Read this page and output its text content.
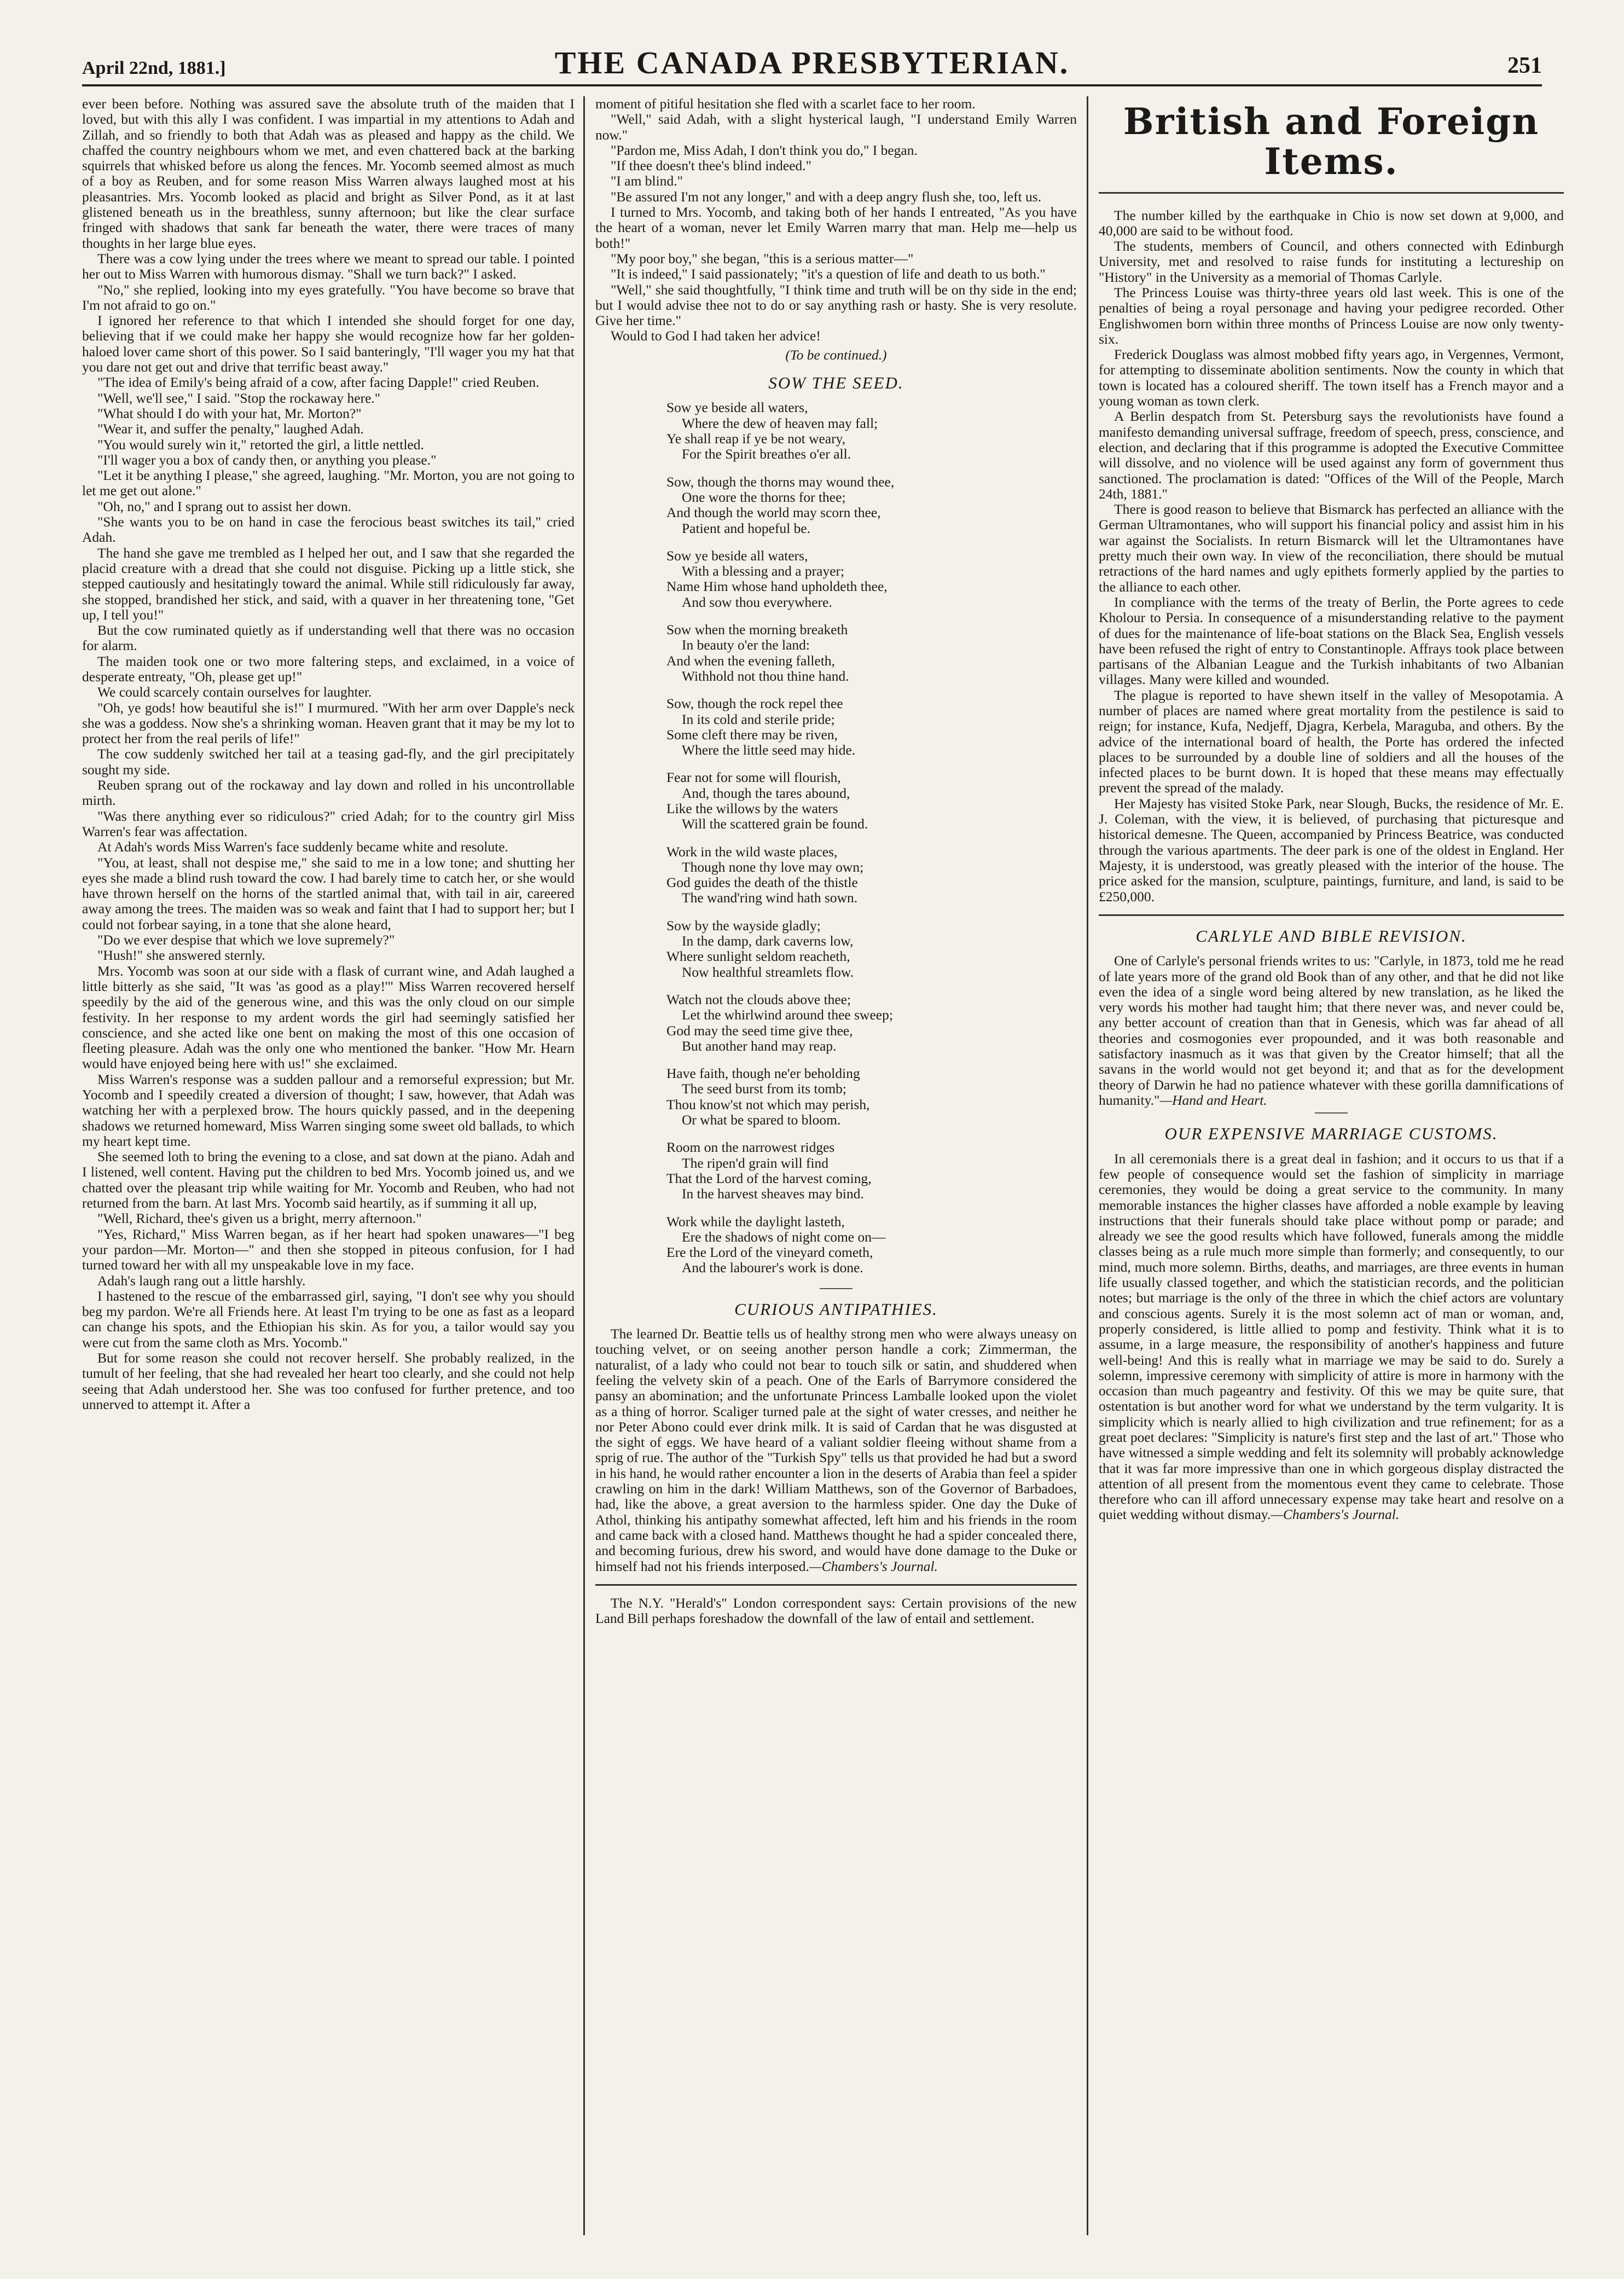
April 22nd, 1881.]	THE CANADA PRESBYTERIAN.	251

ever been before. Nothing was assured save the absolute truth of the maiden that I loved, but with this ally I was confident. I was impartial in my attentions to Adah and Zillah, and so friendly to both that Adah was as pleased and happy as the child. We chaffed the country neighbours whom we met, and even chattered back at the barking squirrels that whisked before us along the fences. Mr. Yocomb seemed almost as much of a boy as Reuben, and for some reason Miss Warren always laughed most at his pleasantries. Mrs. Yocomb looked as placid and bright as Silver Pond, as it at last glistened beneath us in the breathless, sunny afternoon; but like the clear surface fringed with shadows that sank far beneath the water, there were traces of many thoughts in her large blue eyes.

There was a cow lying under the trees where we meant to spread our table. I pointed her out to Miss Warren with humorous dismay. "Shall we turn back?" I asked.

"No," she replied, looking into my eyes gratefully. "You have become so brave that I'm not afraid to go on."

I ignored her reference to that which I intended she should forget for one day, believing that if we could make her happy she would recognize how far her golden-haloed lover came short of this power. So I said banteringly, "I'll wager you my hat that you dare not get out and drive that terrific beast away."

"The idea of Emily's being afraid of a cow, after facing Dapple!" cried Reuben.

"Well, we'll see," I said. "Stop the rockaway here."

"What should I do with your hat, Mr. Morton?"

"Wear it, and suffer the penalty," laughed Adah.

"You would surely win it," retorted the girl, a little nettled.

"I'll wager you a box of candy then, or anything you please."

"Let it be anything I please," she agreed, laughing. "Mr. Morton, you are not going to let me get out alone."

"Oh, no," and I sprang out to assist her down.

"She wants you to be on hand in case the ferocious beast switches its tail," cried Adah.

The hand she gave me trembled as I helped her out, and I saw that she regarded the placid creature with a dread that she could not disguise. Picking up a little stick, she stepped cautiously and hesitatingly toward the animal. While still ridiculously far away, she stopped, brandished her stick, and said, with a quaver in her threatening tone, "Get up, I tell you!"

But the cow ruminated quietly as if understanding well that there was no occasion for alarm.

The maiden took one or two more faltering steps, and exclaimed, in a voice of desperate entreaty, "Oh, please get up!"

We could scarcely contain ourselves for laughter.

"Oh, ye gods! how beautiful she is!" I murmured. "With her arm over Dapple's neck she was a goddess. Now she's a shrinking woman. Heaven grant that it may be my lot to protect her from the real perils of life!"

The cow suddenly switched her tail at a teasing gad-fly, and the girl precipitately sought my side.

Reuben sprang out of the rockaway and lay down and rolled in his uncontrollable mirth.

"Was there anything ever so ridiculous?" cried Adah; for to the country girl Miss Warren's fear was affectation.

At Adah's words Miss Warren's face suddenly became white and resolute.

"You, at least, shall not despise me," she said to me in a low tone; and shutting her eyes she made a blind rush toward the cow. I had barely time to catch her, or she would have thrown herself on the horns of the startled animal that, with tail in air, careered away among the trees. The maiden was so weak and faint that I had to support her; but I could not forbear saying, in a tone that she alone heard,

"Do we ever despise that which we love supremely?"

"Hush!" she answered sternly.

Mrs. Yocomb was soon at our side with a flask of currant wine, and Adah laughed a little bitterly as she said, "It was 'as good as a play!'" Miss Warren recovered herself speedily by the aid of the generous wine, and this was the only cloud on our simple festivity. In her response to my ardent words the girl had seemingly satisfied her conscience, and she acted like one bent on making the most of this one occasion of fleeting pleasure. Adah was the only one who mentioned the banker. "How Mr. Hearn would have enjoyed being here with us!" she exclaimed.

Miss Warren's response was a sudden pallour and a remorseful expression; but Mr. Yocomb and I speedily created a diversion of thought; I saw, however, that Adah was watching her with a perplexed brow. The hours quickly passed, and in the deepening shadows we returned homeward, Miss Warren singing some sweet old ballads, to which my heart kept time.

She seemed loth to bring the evening to a close, and sat down at the piano. Adah and I listened, well content. Having put the children to bed Mrs. Yocomb joined us, and we chatted over the pleasant trip while waiting for Mr. Yocomb and Reuben, who had not returned from the barn. At last Mrs. Yocomb said heartily, as if summing it all up,

"Well, Richard, thee's given us a bright, merry afternoon."

"Yes, Richard," Miss Warren began, as if her heart had spoken unawares—"I beg your pardon—Mr. Morton—" and then she stopped in piteous confusion, for I had turned toward her with all my unspeakable love in my face.

Adah's laugh rang out a little harshly.

I hastened to the rescue of the embarrassed girl, saying, "I don't see why you should beg my pardon. We're all Friends here. At least I'm trying to be one as fast as a leopard can change his spots, and the Ethiopian his skin. As for you, a tailor would say you were cut from the same cloth as Mrs. Yocomb."

But for some reason she could not recover herself. She probably realized, in the tumult of her feeling, that she had revealed her heart too clearly, and she could not help seeing that Adah understood her. She was too confused for further pretence, and too unnerved to attempt it. After a

moment of pitiful hesitation she fled with a scarlet face to her room.

"Well," said Adah, with a slight hysterical laugh, "I understand Emily Warren now."

"Pardon me, Miss Adah, I don't think you do," I began.

"If thee doesn't thee's blind indeed."

"I am blind."

"Be assured I'm not any longer," and with a deep angry flush she, too, left us.

I turned to Mrs. Yocomb, and taking both of her hands I entreated, "As you have the heart of a woman, never let Emily Warren marry that man. Help me—help us both!"

"My poor boy," she began, "this is a serious matter—"

"It is indeed," I said passionately; "it's a question of life and death to us both."

"Well," she said thoughtfully, "I think time and truth will be on thy side in the end; but I would advise thee not to do or say anything rash or hasty. She is very resolute. Give her time."

Would to God I had taken her advice!

(To be continued.)
SOW THE SEED.
Sow ye beside all waters,
Where the dew of heaven may fall;
Ye shall reap if ye be not weary,
For the Spirit breathes o'er all.
Sow, though the thorns may wound thee,
One wore the thorns for thee;
And though the world may scorn thee,
Patient and hopeful be.
Sow ye beside all waters,
With a blessing and a prayer;
Name Him whose hand upholdeth thee,
And sow thou everywhere.
Sow when the morning breaketh
In beauty o'er the land:
And when the evening falleth,
Withhold not thou thine hand.
Sow, though the rock repel thee
In its cold and sterile pride;
Some cleft there may be riven,
Where the little seed may hide.
Fear not for some will flourish,
And, though the tares abound,
Like the willows by the waters
Will the scattered grain be found.
Work in the wild waste places,
Though none thy love may own;
God guides the death of the thistle
The wand'ring wind hath sown.
Sow by the wayside gladly;
In the damp, dark caverns low,
Where sunlight seldom reacheth,
Now healthful streamlets flow.
Watch not the clouds above thee;
Let the whirlwind around thee sweep;
God may the seed time give thee,
But another hand may reap.
Have faith, though ne'er beholding
The seed burst from its tomb;
Thou know'st not which may perish,
Or what be spared to bloom.
Room on the narrowest ridges
The ripen'd grain will find
That the Lord of the harvest coming,
In the harvest sheaves may bind.
Work while the daylight lasteth,
Ere the shadows of night come on—
Ere the Lord of the vineyard cometh,
And the labourer's work is done.
CURIOUS ANTIPATHIES.

The learned Dr. Beattie tells us of healthy strong men who were always uneasy on touching velvet, or on seeing another person handle a cork; Zimmerman, the naturalist, of a lady who could not bear to touch silk or satin, and shuddered when feeling the velvety skin of a peach. One of the Earls of Barrymore considered the pansy an abomination; and the unfortunate Princess Lamballe looked upon the violet as a thing of horror. Scaliger turned pale at the sight of water cresses, and neither he nor Peter Abono could ever drink milk. It is said of Cardan that he was disgusted at the sight of eggs. We have heard of a valiant soldier fleeing without shame from a sprig of rue. The author of the "Turkish Spy" tells us that provided he had but a sword in his hand, he would rather encounter a lion in the deserts of Arabia than feel a spider crawling on him in the dark! William Matthews, son of the Governor of Barbadoes, had, like the above, a great aversion to the harmless spider. One day the Duke of Athol, thinking his antipathy somewhat affected, left him and his friends in the room and came back with a closed hand. Matthews thought he had a spider concealed there, and becoming furious, drew his sword, and would have done damage to the Duke or himself had not his friends interposed.—Chambers's Journal.

The N.Y. "Herald's" London correspondent says: Certain provisions of the new Land Bill perhaps foreshadow the downfall of the law of entail and settlement.

British and Foreign Items.

The number killed by the earthquake in Chio is now set down at 9,000, and 40,000 are said to be without food.

The students, members of Council, and others connected with Edinburgh University, met and resolved to raise funds for instituting a lectureship on "History" in the University as a memorial of Thomas Carlyle.

The Princess Louise was thirty-three years old last week. This is one of the penalties of being a royal personage and having your pedigree recorded. Other Englishwomen born within three months of Princess Louise are now only twenty-six.

Frederick Douglass was almost mobbed fifty years ago, in Vergennes, Vermont, for attempting to disseminate abolition sentiments. Now the county in which that town is located has a coloured sheriff. The town itself has a French mayor and a young woman as town clerk.

A Berlin despatch from St. Petersburg says the revolutionists have found a manifesto demanding universal suffrage, freedom of speech, press, conscience, and election, and declaring that if this programme is adopted the Executive Committee will dissolve, and no violence will be used against any form of government thus sanctioned. The proclamation is dated: "Offices of the Will of the People, March 24th, 1881."

There is good reason to believe that Bismarck has perfected an alliance with the German Ultramontanes, who will support his financial policy and assist him in his war against the Socialists. In return Bismarck will let the Ultramontanes have pretty much their own way. In view of the reconciliation, there should be mutual retractions of the hard names and ugly epithets formerly applied by the parties to the alliance to each other.

In compliance with the terms of the treaty of Berlin, the Porte agrees to cede Kholour to Persia. In consequence of a misunderstanding relative to the payment of dues for the maintenance of life-boat stations on the Black Sea, English vessels have been refused the right of entry to Constantinople. Affrays took place between partisans of the Albanian League and the Turkish inhabitants of two Albanian villages. Many were killed and wounded.

The plague is reported to have shewn itself in the valley of Mesopotamia. A number of places are named where great mortality from the pestilence is said to reign; for instance, Kufa, Nedjeff, Djagra, Kerbela, Maraguba, and others. By the advice of the international board of health, the Porte has ordered the infected places to be surrounded by a double line of soldiers and all the houses of the infected places to be burnt down. It is hoped that these means may effectually prevent the spread of the malady.

Her Majesty has visited Stoke Park, near Slough, Bucks, the residence of Mr. E. J. Coleman, with the view, it is believed, of purchasing that picturesque and historical demesne. The Queen, accompanied by Princess Beatrice, was conducted through the various apartments. The deer park is one of the oldest in England. Her Majesty, it is understood, was greatly pleased with the interior of the house. The price asked for the mansion, sculpture, paintings, furniture, and land, is said to be £250,000.

CARLYLE AND BIBLE REVISION.

One of Carlyle's personal friends writes to us: "Carlyle, in 1873, told me he read of late years more of the grand old Book than of any other, and that he did not like even the idea of a single word being altered by new translation, as he liked the very words his mother had taught him; that there never was, and never could be, any better account of creation than that in Genesis, which was far ahead of all theories and cosmogonies ever propounded, and it was both reasonable and satisfactory inasmuch as it was that given by the Creator himself; that all the savans in the world would not get beyond it; and that as for the development theory of Darwin he had no patience whatever with these gorilla damnifications of humanity."—Hand and Heart.

OUR EXPENSIVE MARRIAGE CUSTOMS.

In all ceremonials there is a great deal in fashion; and it occurs to us that if a few people of consequence would set the fashion of simplicity in marriage ceremonies, they would be doing a great service to the community. In many memorable instances the higher classes have afforded a noble example by leaving instructions that their funerals should take place without pomp or parade; and already we see the good results which have followed, funerals among the middle classes being as a rule much more simple than formerly; and consequently, to our mind, much more solemn. Births, deaths, and marriages, are three events in human life usually classed together, and which the statistician records, and the politician notes; but marriage is the only of the three in which the chief actors are voluntary and conscious agents. Surely it is the most solemn act of man or woman, and, properly considered, is little allied to pomp and festivity. Think what it is to assume, in a large measure, the responsibility of another's happiness and future well-being! And this is really what in marriage we may be said to do. Surely a solemn, impressive ceremony with simplicity of attire is more in harmony with the occasion than much pageantry and festivity. Of this we may be quite sure, that ostentation is but another word for what we understand by the term vulgarity. It is simplicity which is nearly allied to high civilization and true refinement; for as a great poet declares: "Simplicity is nature's first step and the last of art." Those who have witnessed a simple wedding and felt its solemnity will probably acknowledge that it was far more impressive than one in which gorgeous display distracted the attention of all present from the momentous event they came to celebrate. Those therefore who can ill afford unnecessary expense may take heart and resolve on a quiet wedding without dismay.—Chambers's Journal.
